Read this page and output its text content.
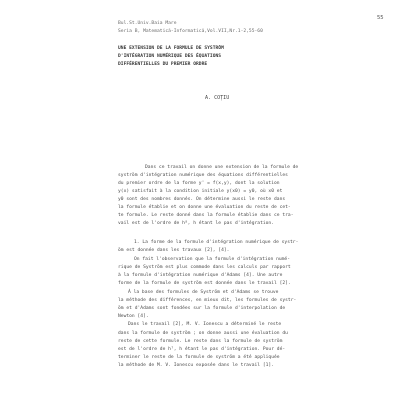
55
Bul.St.Univ.Baia Mare
Seria B, Matematică-Informatică,Vol.VII,Nr.1-2,55-60
UNE EXTENSION DE LA FORMULE DE SYSTRÖM
D'INTÉGRATION NUMÉRIQUE DES ÉQUATIONS
DIFFÉRENTIELLES DU PREMIER ORDRE
A. COȚIU
Dans ce travail on donne une extension de la formule de
syström d'intégration numérique des équations différentielles
du premier ordre de la forme y' = f(x,y), dont la solution
y(x) satisfait à la condition initiale y(x0) = y0, où x0 et
y0 sont des nombres donnés. On détermine aussi le reste dans
la formule établie et on donne une évaluation du reste de cet-
te formule. Le reste donné dans la formule établie dans ce tra-
vail est de l'ordre de h⁸, h étant le pas d'intégration.
1. La forme de la formule d'intégration numérique de systr-
öm est donnée dans les travaux [2], [4].
On fait l'observation que la formule d'intégration numé-
rique de Syström est plus commode dans les calculs par rapport
à la formule d'intégration numérique d'Adams [4]. Une autre
forme de la formule de syström est donnée dans le travail [2].
À la base des formules de Syström et d'Adams se trouve
la méthode des différences, en mieux dit, les formules de systr-
öm et d'Adams sont fondées sur la formule d'interpolation de
Newton [4].
Dans le travail [2], M. V. Ionescu a déterminé le reste
dans la formule de syström ; on donne aussi une évaluation du
reste de cette formule. Le reste dans la formule de syström
est de l'ordre de h⁷, h étant le pas d'intégration. Pour dé-
terminer le reste de la formule de syström a été appliquée
la méthode de M. V. Ionescu exposée dans le travail [1].
